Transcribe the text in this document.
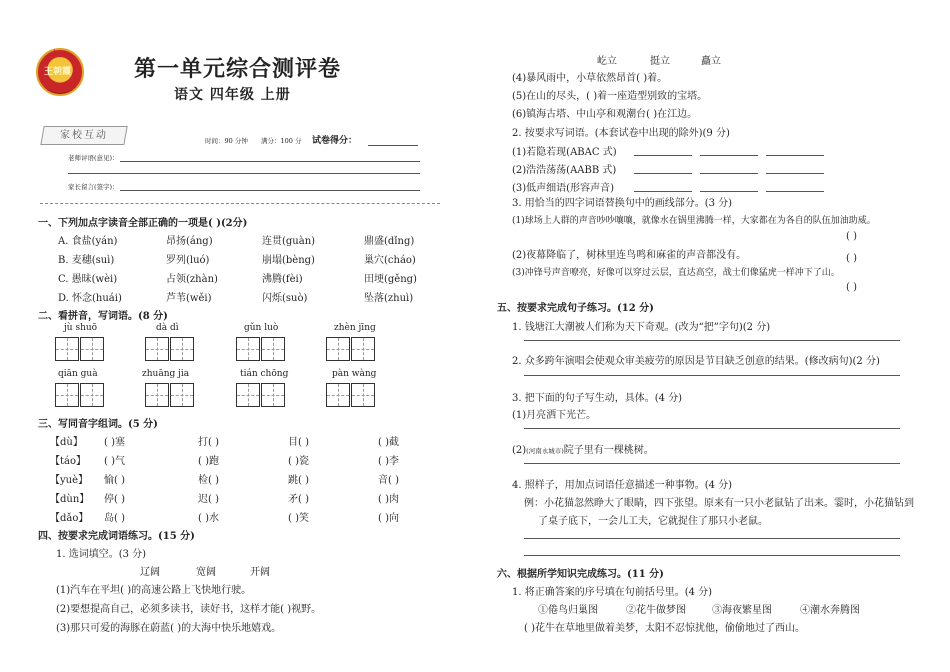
★
王朝霞	第一单元综合测评卷
语文 四年级 上册
家校互动	时间：90 分钟 满分：100 分 试卷得分：
老师评语(意见)：
家长留言(签字)：
一、下列加点字读音全部正确的一项是( )(2分)
A. 食盐(yán)	昂扬(áng)	连贯(guàn)	鼎盛(dǐng)
B. 麦穗(suì)	罗列(luó)	崩塌(bèng)	巢穴(cháo)
C. 愚昧(wèi)	占领(zhàn)	沸腾(fèi)	田埂(gěng)
D. 怀念(huái)	芦苇(wěi)	闪烁(suò)	坠落(zhuì)
二、看拼音，写词语。(8 分)
jù shuō	dà dì	gǔn luò	zhèn jīng
qiān guà	zhuāng jia	tián chōng	pàn wàng
三、写同音字组词。(5 分)
【dù】 ( )塞	打( )	目( )	( )截
【táo】 ( )气	( )跑	( )瓷	( )李
【yuè】 愉( )	检( )	跳( )	音( )
【dùn】 停( )	迟( )	矛( )	( )肉
【dǎo】 岛( )	( )水	( )笑	( )向
四、按要求完成词语练习。(15 分)
1. 选词填空。(3 分)
辽阔	宽阔	开阔
(1)汽车在平坦( )的高速公路上飞快地行驶。
(2)要想提高自己，必须多读书，读好书，这样才能( )视野。
(3)那只可爱的海豚在蔚蓝( )的大海中快乐地嬉戏。
屹立	挺立	矗立
(4)暴风雨中，小草依然昂首( )着。
(5)在山的尽头，( )着一座造型别致的宝塔。
(6)镇海古塔、中山亭和观潮台( )在江边。
2. 按要求写词语。(本套试卷中出现的除外)(9 分)
(1)若隐若现(ABAC 式)
(2)浩浩荡荡(AABB 式)
(3)低声细语(形容声音)
3. 用恰当的四字词语替换句中的画线部分。(3 分)
(1)球场上人群的声音吵吵嚷嚷，就像水在锅里沸腾一样，大家都在为各自的队伍加油助威。
( )
(2)夜幕降临了，树林里连鸟鸣和麻雀的声音都没有。	( )
(3)冲锋号声音嘹亮，好像可以穿过云层，直达高空，战士们像猛虎一样冲下了山。
( )
五、按要求完成句子练习。(12 分)
1. 钱塘江大潮被人们称为天下奇观。(改为“把”字句)(2 分)
2. 众多跨年演唱会使观众审美疲劳的原因是节目缺乏创意的结果。(修改病句)(2 分)
3. 把下面的句子写生动，具体。(4 分)
(1)月亮洒下光芒。
(2)(河南永城市)院子里有一棵桃树。
4. 照样子，用加点词语任意描述一种事物。(4 分)
例：小花猫忽然睁大了眼睛，四下张望。原来有一只小老鼠钻了出来。霎时，小花猫钻到
了桌子底下，一会儿工夫，它就捉住了那只小老鼠。
六、根据所学知识完成练习。(11 分)
1. 将正确答案的序号填在句前括号里。(4 分)
①倦鸟归巢图	②花牛做梦图	③海夜繁星图	④潮水奔腾图
( )花牛在草地里做着美梦，太阳不忍惊扰他，偷偷地过了西山。
